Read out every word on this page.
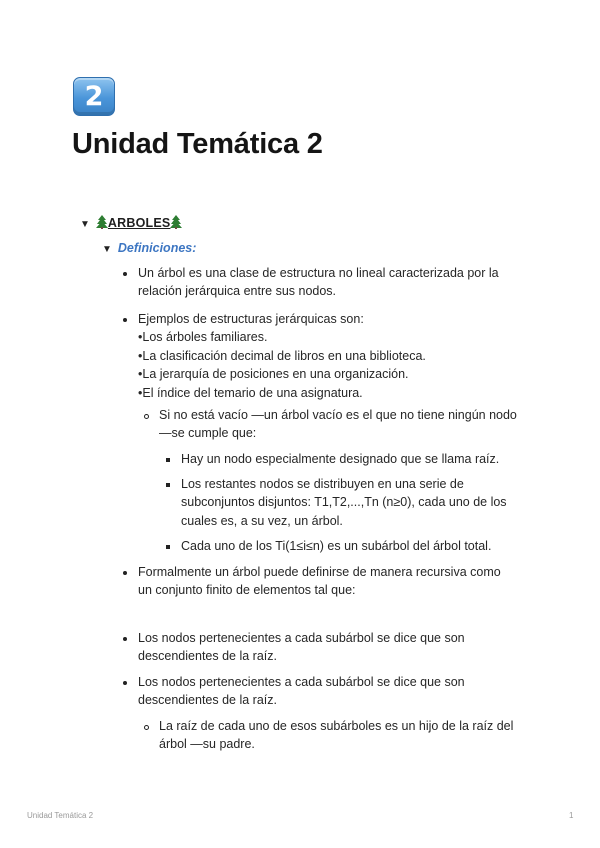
2
Unidad Temática 2
▼ ARBOLES
▼ Definiciones:
Un árbol es una clase de estructura no lineal caracterizada por la
relación jerárquica entre sus nodos.
Ejemplos de estructuras jerárquicas son:
•Los árboles familiares.
•La clasificación decimal de libros en una biblioteca.
•La jerarquía de posiciones en una organización.
•El índice del temario de una asignatura.
Si no está vacío —un árbol vacío es el que no tiene ningún nodo
—se cumple que:
Hay un nodo especialmente designado que se llama raíz.
Los restantes nodos se distribuyen en una serie de
subconjuntos disjuntos: T1,T2,...,Tn (n≥0), cada uno de los
cuales es, a su vez, un árbol.
Cada uno de los Ti(1≤i≤n) es un subárbol del árbol total.
Formalmente un árbol puede definirse de manera recursiva como
un conjunto finito de elementos tal que:
Los nodos pertenecientes a cada subárbol se dice que son
descendientes de la raíz.
Los nodos pertenecientes a cada subárbol se dice que son
descendientes de la raíz.
La raíz de cada uno de esos subárboles es un hijo de la raíz del
árbol —su padre.
Unidad Temática 2	1
